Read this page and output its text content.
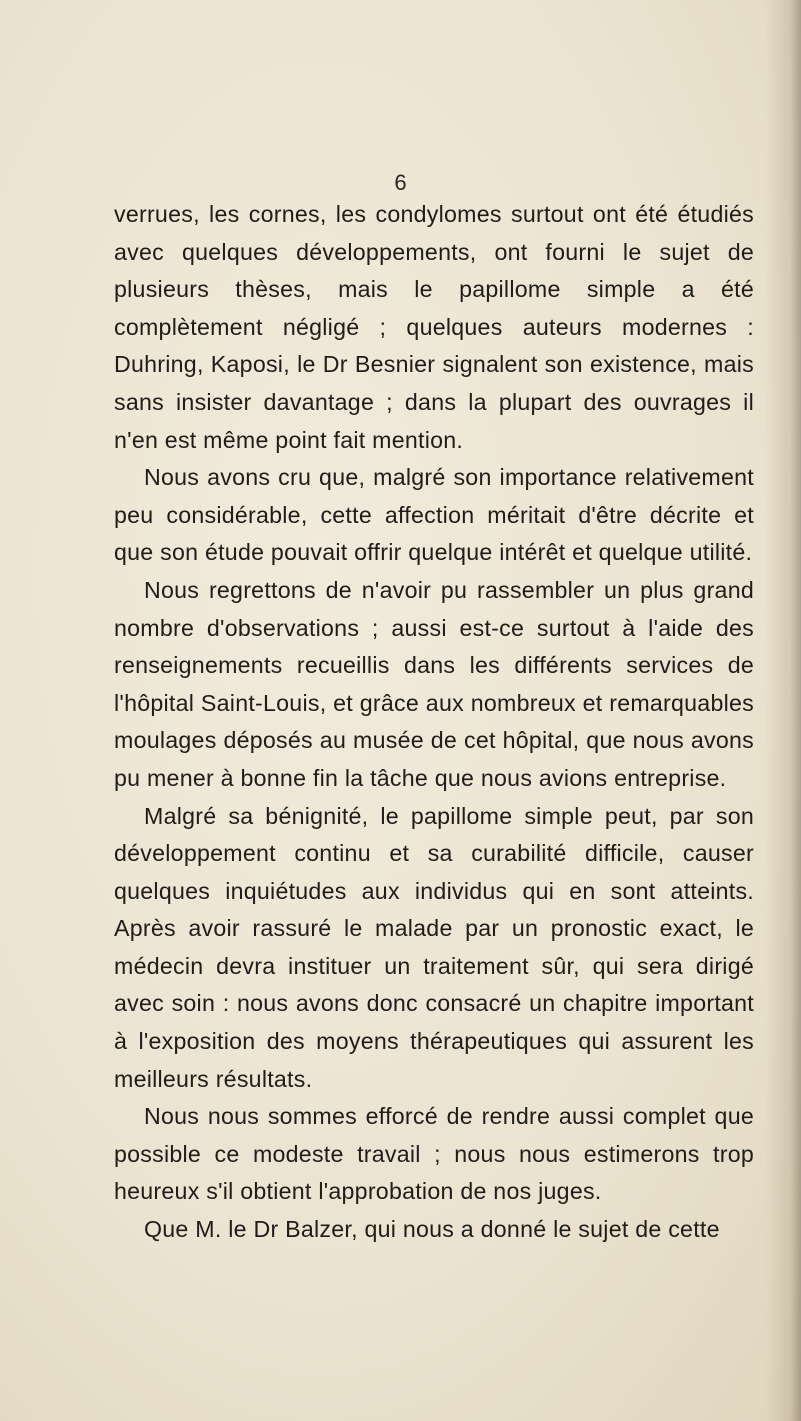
6

verrues, les cornes, les condylomes surtout ont été étudiés avec quelques développements, ont fourni le sujet de plusieurs thèses, mais le papillome simple a été complètement négligé ; quelques auteurs modernes : Duhring, Kaposi, le Dr Besnier signalent son existence, mais sans insister davantage ; dans la plupart des ouvrages il n'en est même point fait mention.

Nous avons cru que, malgré son importance relativement peu considérable, cette affection méritait d'être décrite et que son étude pouvait offrir quelque intérêt et quelque utilité.

Nous regrettons de n'avoir pu rassembler un plus grand nombre d'observations ; aussi est-ce surtout à l'aide des renseignements recueillis dans les différents services de l'hôpital Saint-Louis, et grâce aux nombreux et remarquables moulages déposés au musée de cet hôpital, que nous avons pu mener à bonne fin la tâche que nous avions entreprise.

Malgré sa bénignité, le papillome simple peut, par son développement continu et sa curabilité difficile, causer quelques inquiétudes aux individus qui en sont atteints. Après avoir rassuré le malade par un pronostic exact, le médecin devra instituer un traitement sûr, qui sera dirigé avec soin : nous avons donc consacré un chapitre important à l'exposition des moyens thérapeutiques qui assurent les meilleurs résultats.

Nous nous sommes efforcé de rendre aussi complet que possible ce modeste travail ; nous nous estimerons trop heureux s'il obtient l'approbation de nos juges.

Que M. le Dr Balzer, qui nous a donné le sujet de cette
